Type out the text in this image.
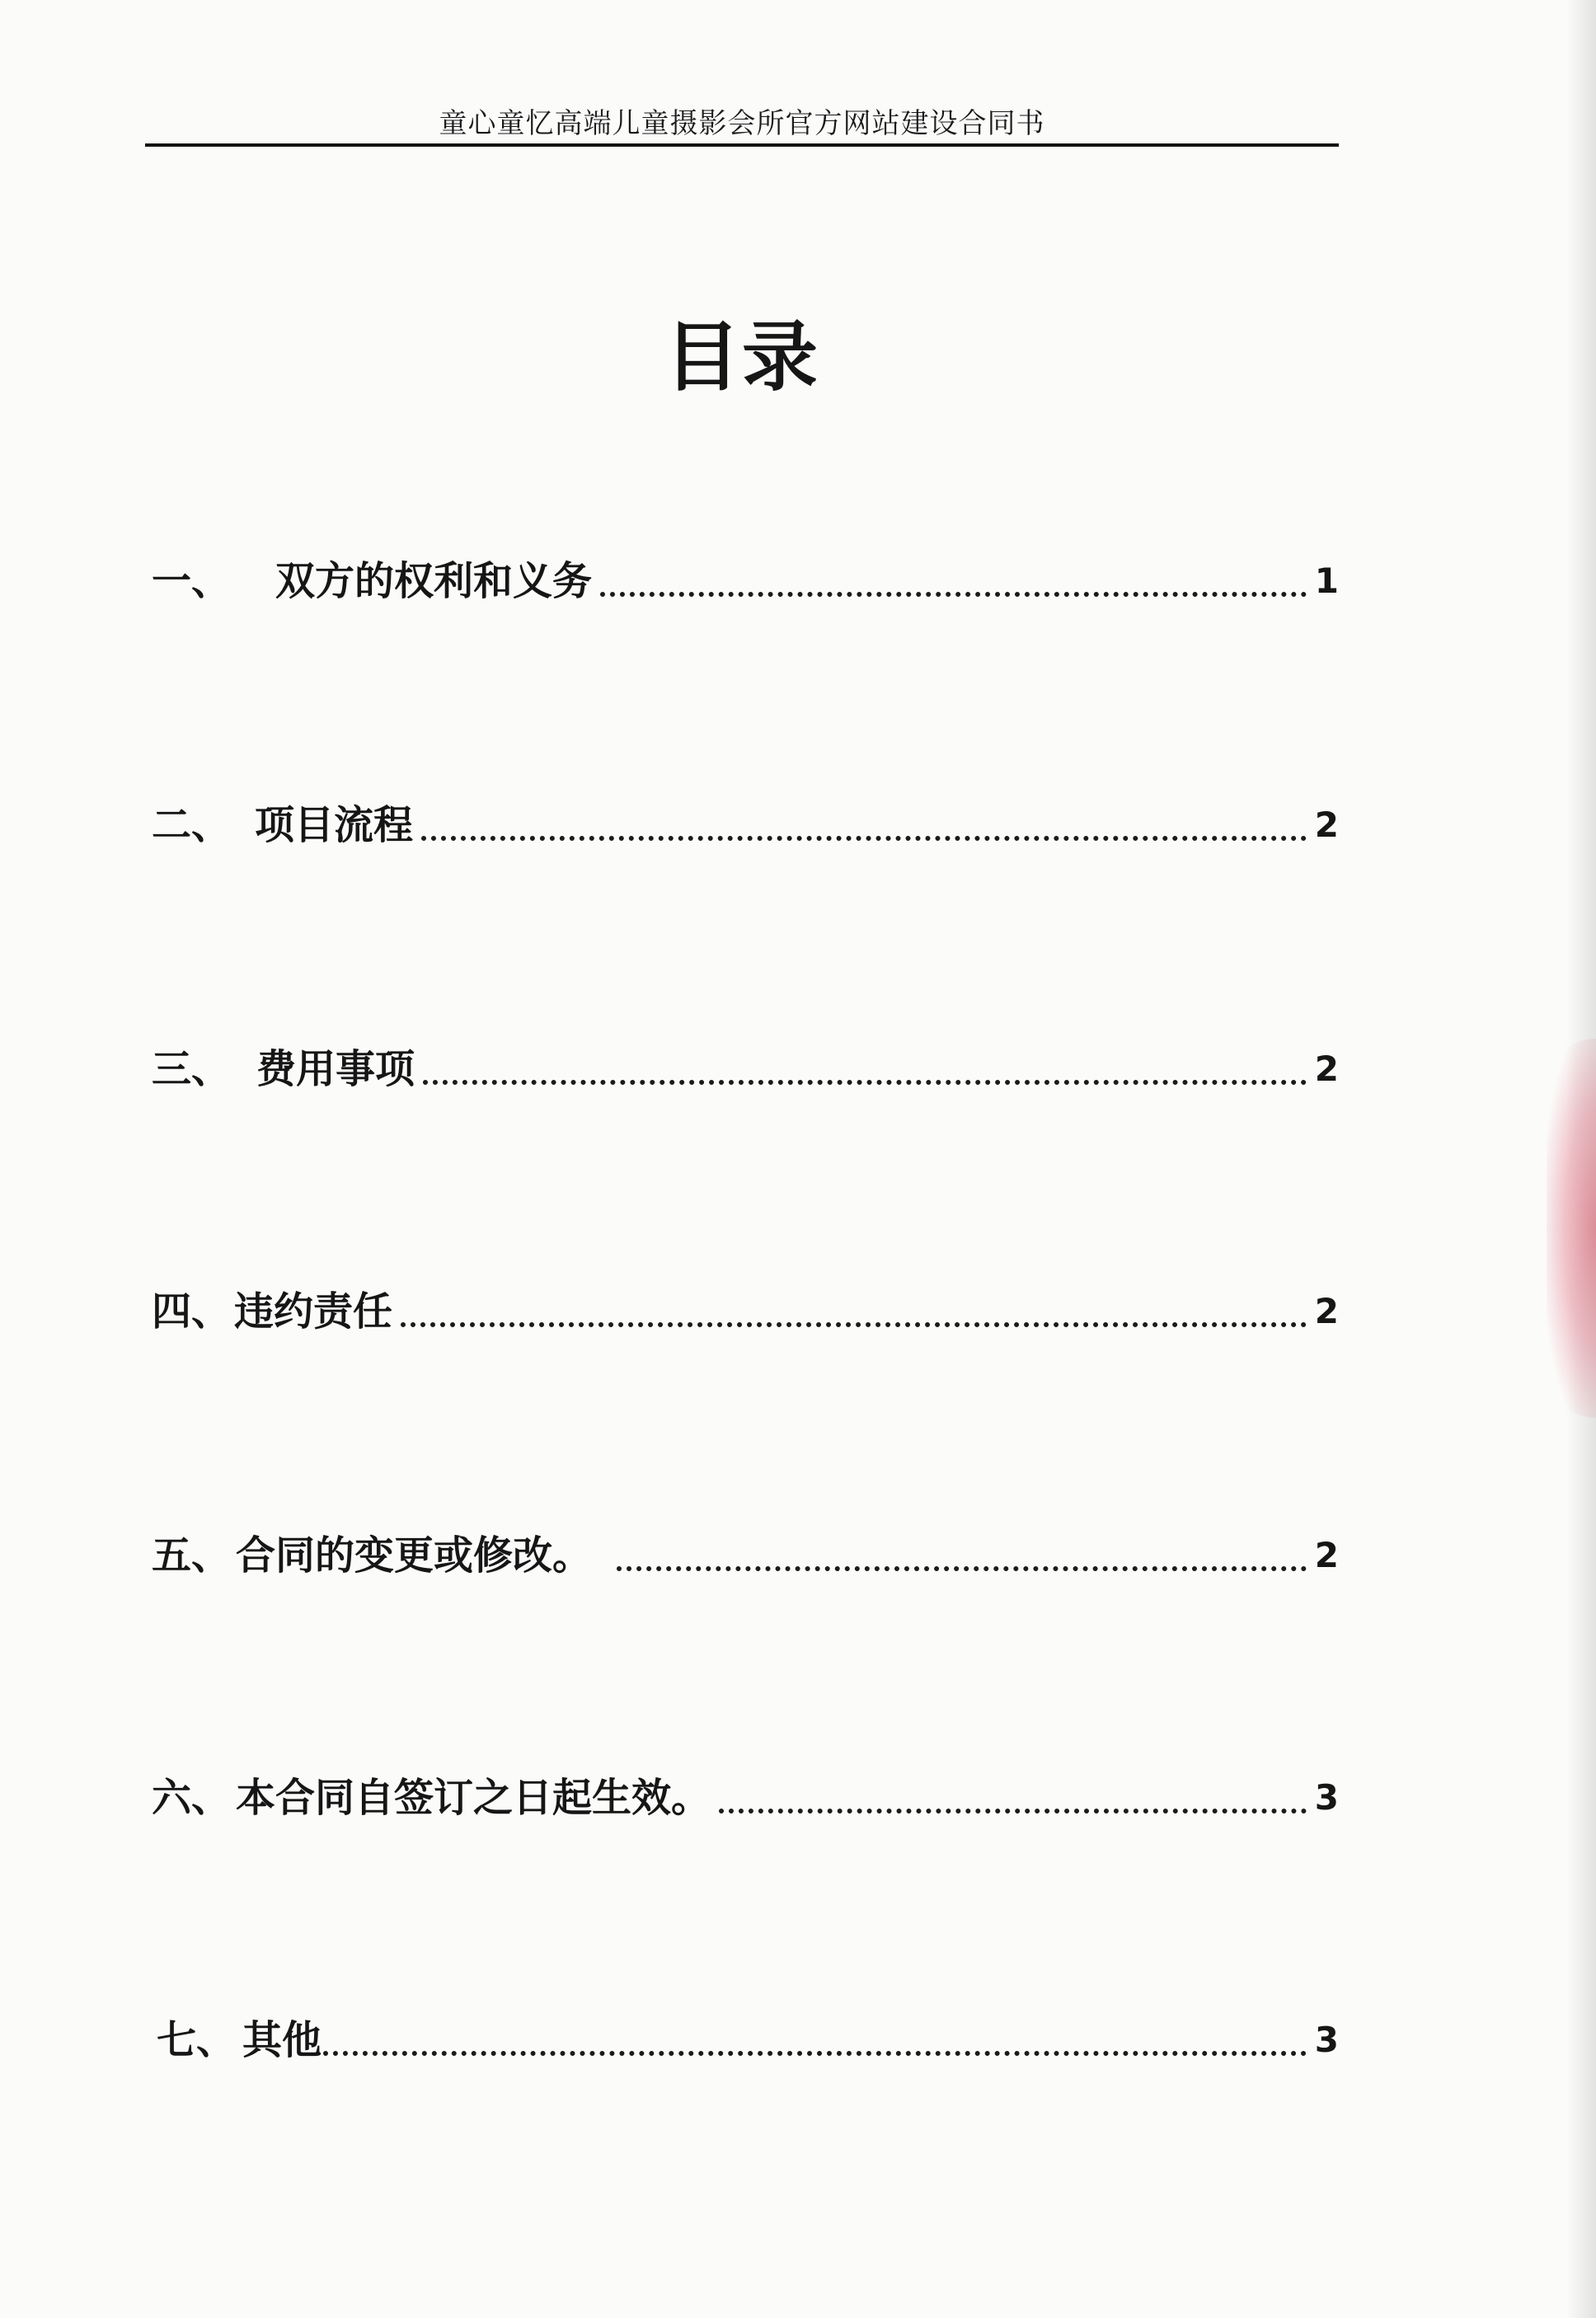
童心童忆高端儿童摄影会所官方网站建设合同书
目录
一、	双方的权利和义务	1
二、 项目流程	2
三、 费用事项	2
四、 违约责任	2
五、 合同的变更或修改。	2
六、 本合同自签订之日起生效。	3
七、 其他	3
